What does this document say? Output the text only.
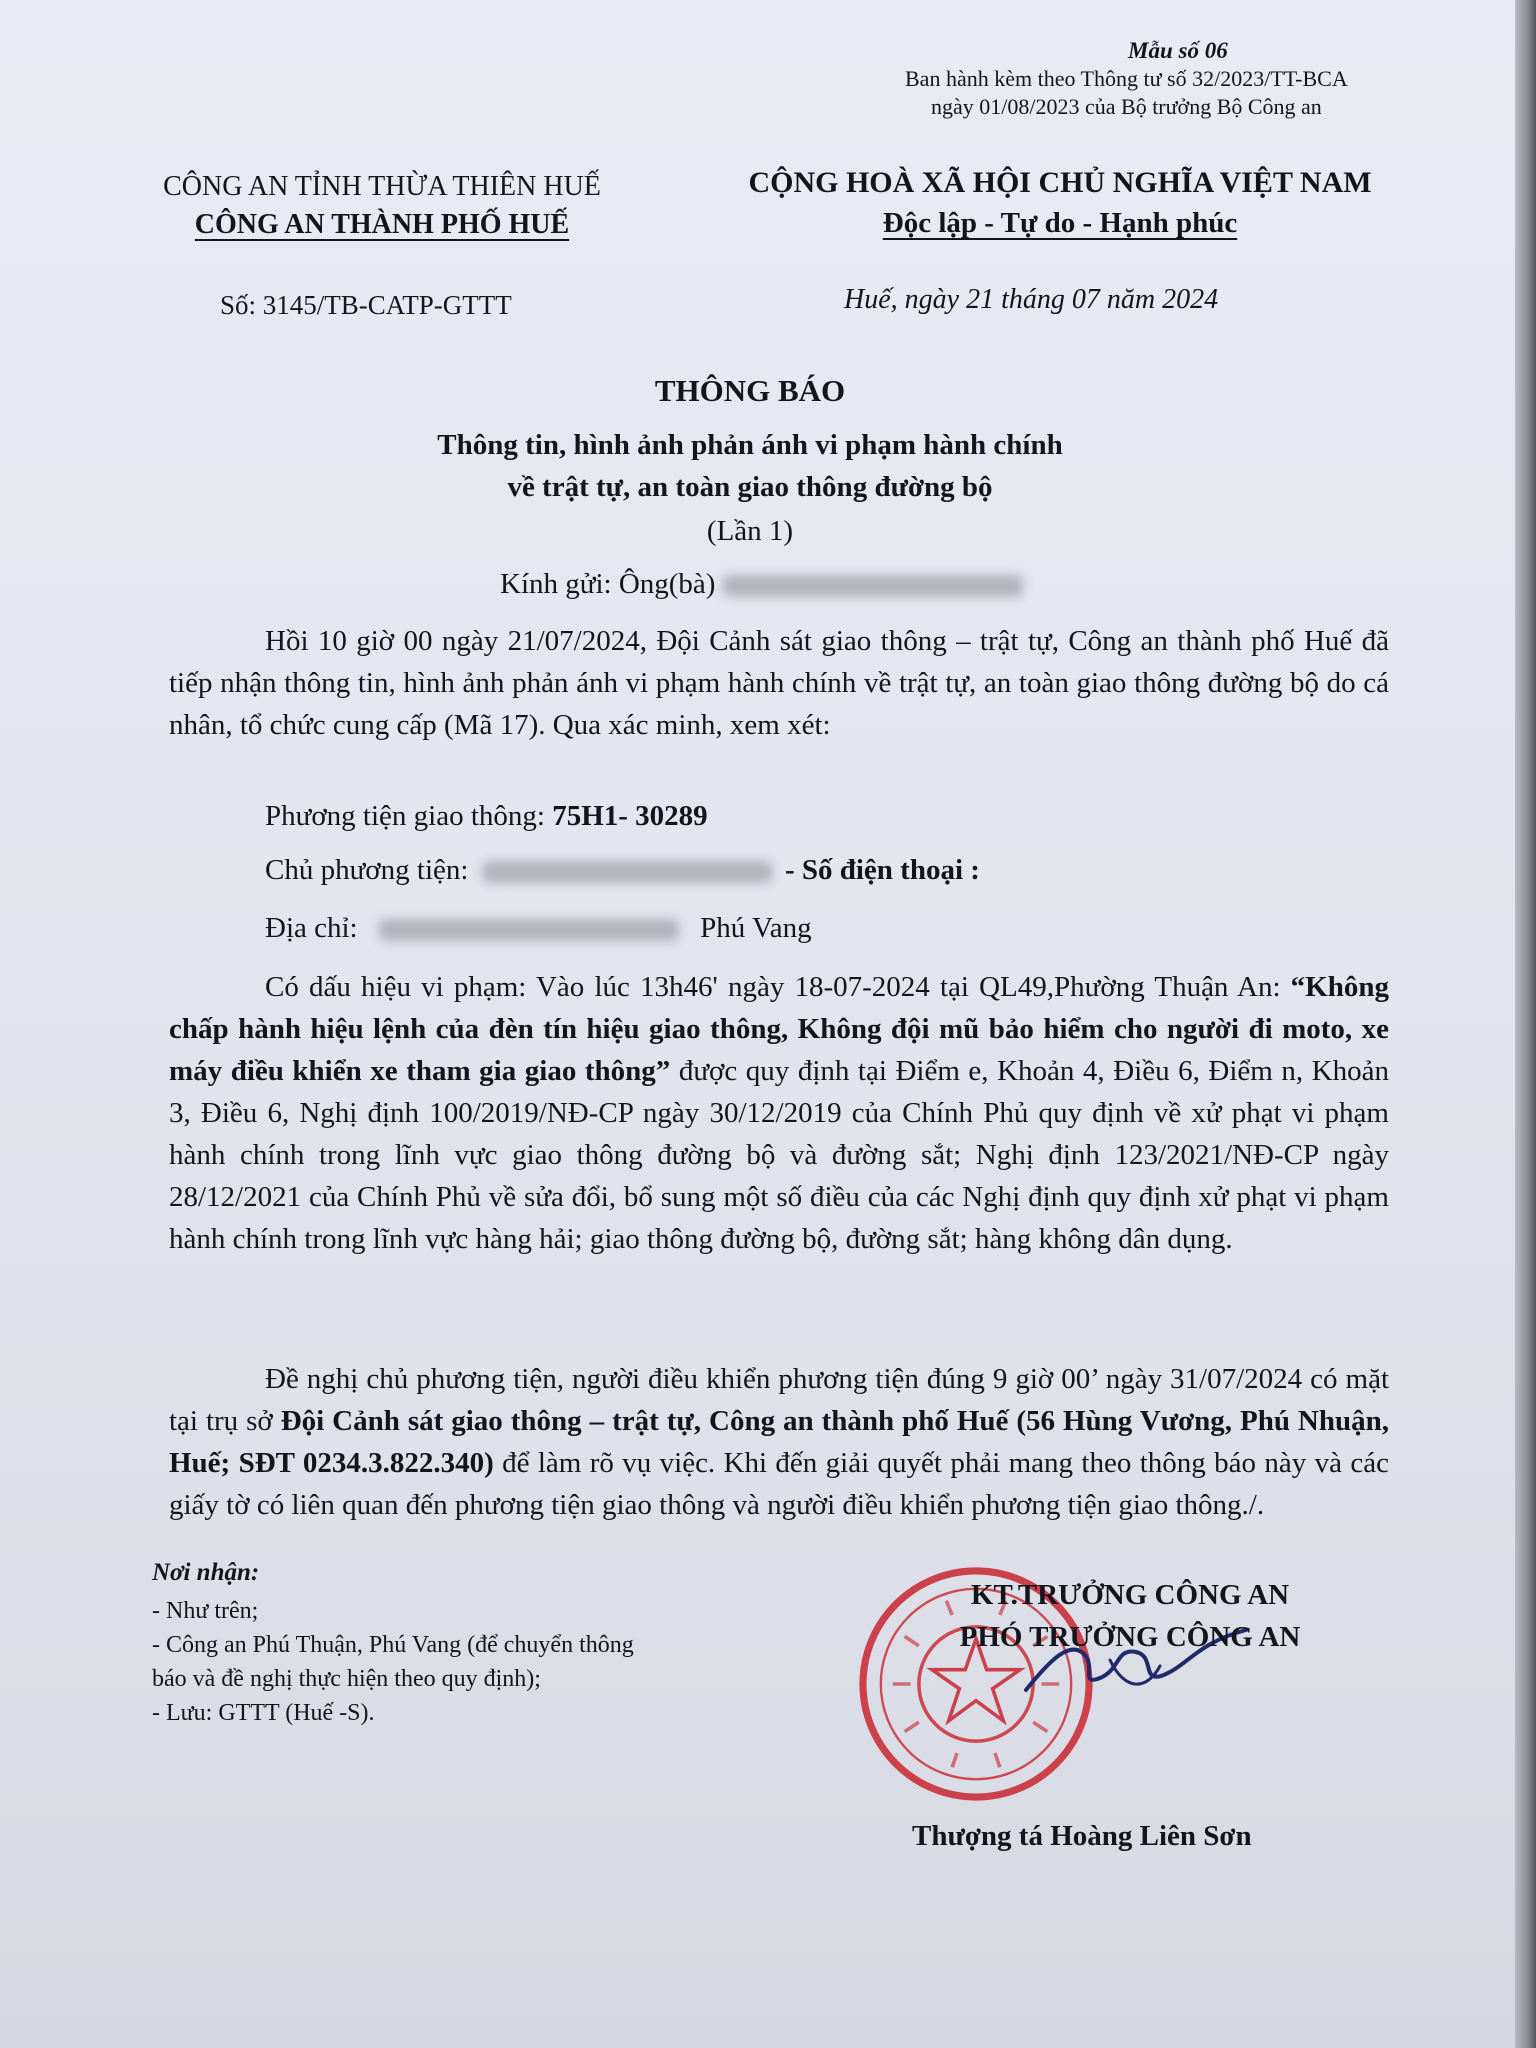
Mẫu số 06
Ban hành kèm theo Thông tư số 32/2023/TT-BCA
ngày 01/08/2023 của Bộ trưởng Bộ Công an
CÔNG AN TỈNH THỪA THIÊN HUẾ
CÔNG AN THÀNH PHỐ HUẾ
Số: 3145/TB-CATP-GTTT
CỘNG HOÀ XÃ HỘI CHỦ NGHĨA VIỆT NAM
Độc lập - Tự do - Hạnh phúc
Huế, ngày 21 tháng 07 năm 2024
THÔNG BÁO
Thông tin, hình ảnh phản ánh vi phạm hành chính
về trật tự, an toàn giao thông đường bộ
(Lần 1)
Kính gửi: Ông(bà)
Hồi 10 giờ 00 ngày 21/07/2024, Đội Cảnh sát giao thông – trật tự, Công an thành phố Huế đã tiếp nhận thông tin, hình ảnh phản ánh vi phạm hành chính về trật tự, an toàn giao thông đường bộ do cá nhân, tổ chức cung cấp (Mã 17). Qua xác minh, xem xét:
Phương tiện giao thông: 75H1- 30289
Chủ phương tiện:	- Số điện thoại :
Địa chỉ:	Phú Vang
Có dấu hiệu vi phạm: Vào lúc 13h46' ngày 18-07-2024 tại QL49,Phường Thuận An: “Không chấp hành hiệu lệnh của đèn tín hiệu giao thông, Không đội mũ bảo hiểm cho người đi moto, xe máy điều khiển xe tham gia giao thông” được quy định tại Điểm e, Khoản 4, Điều 6, Điểm n, Khoản 3, Điều 6, Nghị định 100/2019/NĐ-CP ngày 30/12/2019 của Chính Phủ quy định về xử phạt vi phạm hành chính trong lĩnh vực giao thông đường bộ và đường sắt; Nghị định 123/2021/NĐ-CP ngày 28/12/2021 của Chính Phủ về sửa đổi, bổ sung một số điều của các Nghị định quy định xử phạt vi phạm hành chính trong lĩnh vực hàng hải; giao thông đường bộ, đường sắt; hàng không dân dụng.
Đề nghị chủ phương tiện, người điều khiển phương tiện đúng 9 giờ 00’ ngày 31/07/2024 có mặt tại trụ sở Đội Cảnh sát giao thông – trật tự, Công an thành phố Huế (56 Hùng Vương, Phú Nhuận, Huế; SĐT 0234.3.822.340) để làm rõ vụ việc. Khi đến giải quyết phải mang theo thông báo này và các giấy tờ có liên quan đến phương tiện giao thông và người điều khiển phương tiện giao thông./.
Nơi nhận:
- Như trên;
- Công an Phú Thuận, Phú Vang (để chuyển thông
báo và đề nghị thực hiện theo quy định);
- Lưu: GTTT (Huế -S).
KT.TRƯỞNG CÔNG AN
PHÓ TRƯỞNG CÔNG AN
Thượng tá Hoàng Liên Sơn
